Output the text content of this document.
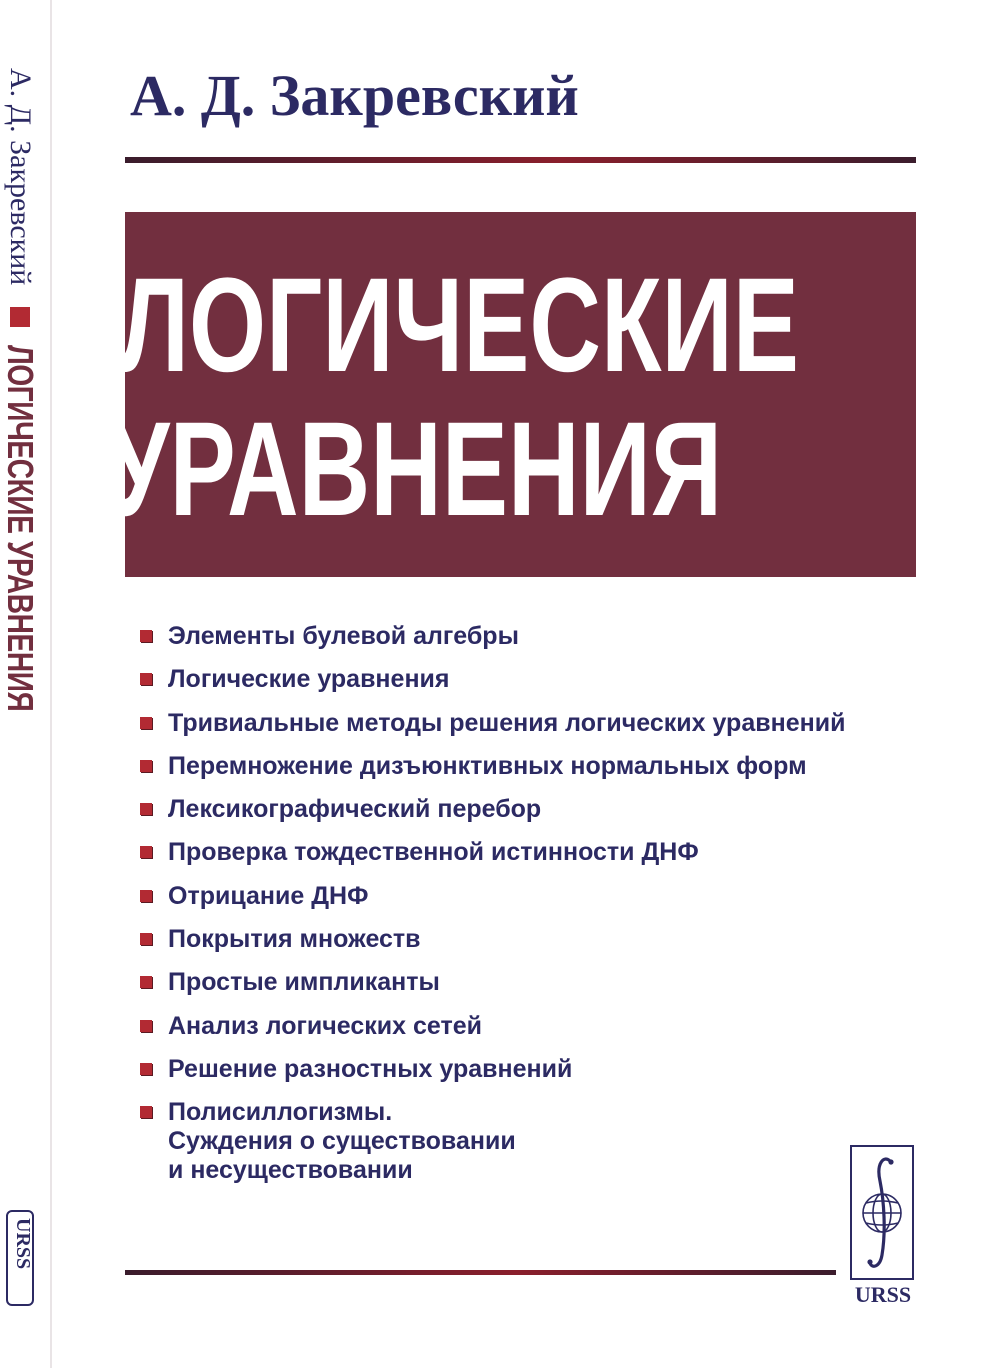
А. Д. Закревский
ЛОГИЧЕСКИЕ УРАВНЕНИЯ
URSS
А. Д. Закревский
ЛОГИЧЕСКИЕ
УРАВНЕНИЯ
Элементы булевой алгебры
Логические уравнения
Тривиальные методы решения логических уравнений
Перемножение дизъюнктивных нормальных форм
Лексикографический перебор
Проверка тождественной истинности ДНФ
Отрицание ДНФ
Покрытия множеств
Простые импликанты
Анализ логических сетей
Решение разностных уравнений
Полисиллогизмы.
Суждения о существовании
и несуществовании
URSS
